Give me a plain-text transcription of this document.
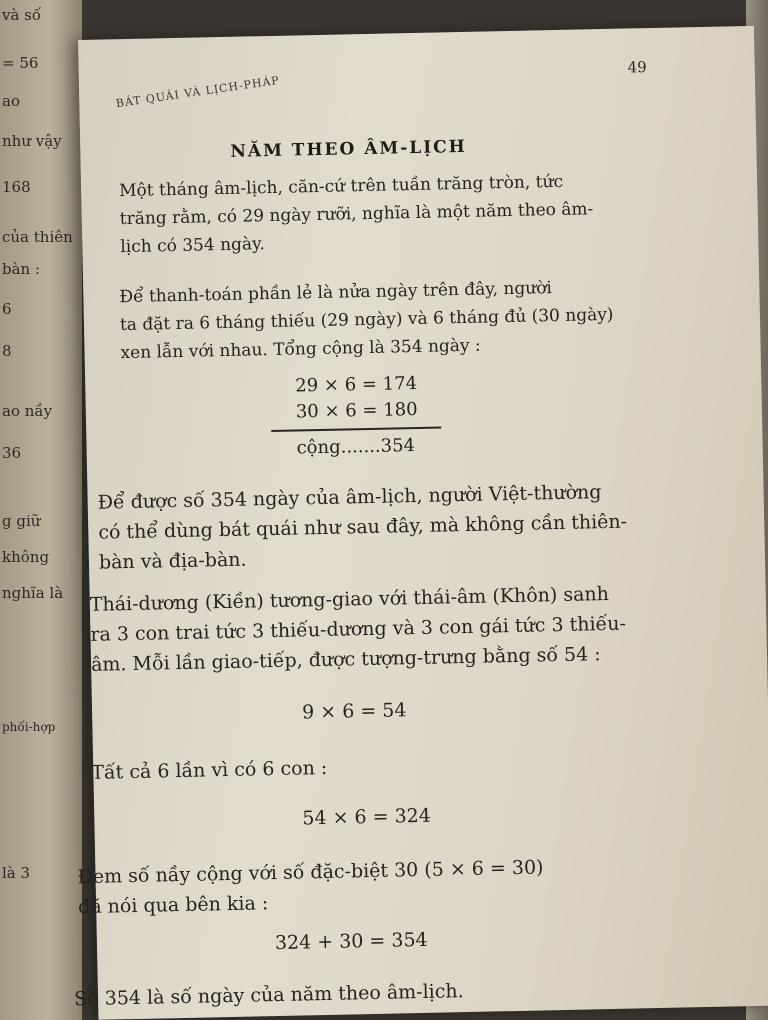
và số
= 56
ao
như vậy
168
của thiên
bàn :
6
8
ao nầy
36
g giữ
không
nghĩa là
phối-hợp
là 3
BÁT QUÁI VÀ LỊCH-PHÁP
49
NĂM THEO ÂM-LỊCH
Một tháng âm-lịch, căn-cứ trên tuần trăng tròn, tức
trăng rằm, có 29 ngày rưỡi, nghĩa là một năm theo âm-
lịch có 354 ngày.
Để thanh-toán phần lẻ là nửa ngày trên đây, người
ta đặt ra 6 tháng thiếu (29 ngày) và 6 tháng đủ (30 ngày)
xen lẫn với nhau. Tổng cộng là 354 ngày :
29 × 6 = 174
30 × 6 = 180
cộng.......354
Để được số 354 ngày của âm-lịch, người Việt-thường
có thể dùng bát quái như sau đây, mà không cần thiên-
bàn và địa-bàn.
Thái-dương (Kiền) tương-giao với thái-âm (Khôn) sanh
ra 3 con trai tức 3 thiếu-dương và 3 con gái tức 3 thiếu-
âm. Mỗi lần giao-tiếp, được tượng-trưng bằng số 54 :
9 × 6 = 54
Tất cả 6 lần vì có 6 con :
54 × 6 = 324
Đem số nầy cộng với số đặc-biệt 30 (5 × 6 = 30)
đã nói qua bên kia :
324 + 30 = 354
Số 354 là số ngày của năm theo âm-lịch.
